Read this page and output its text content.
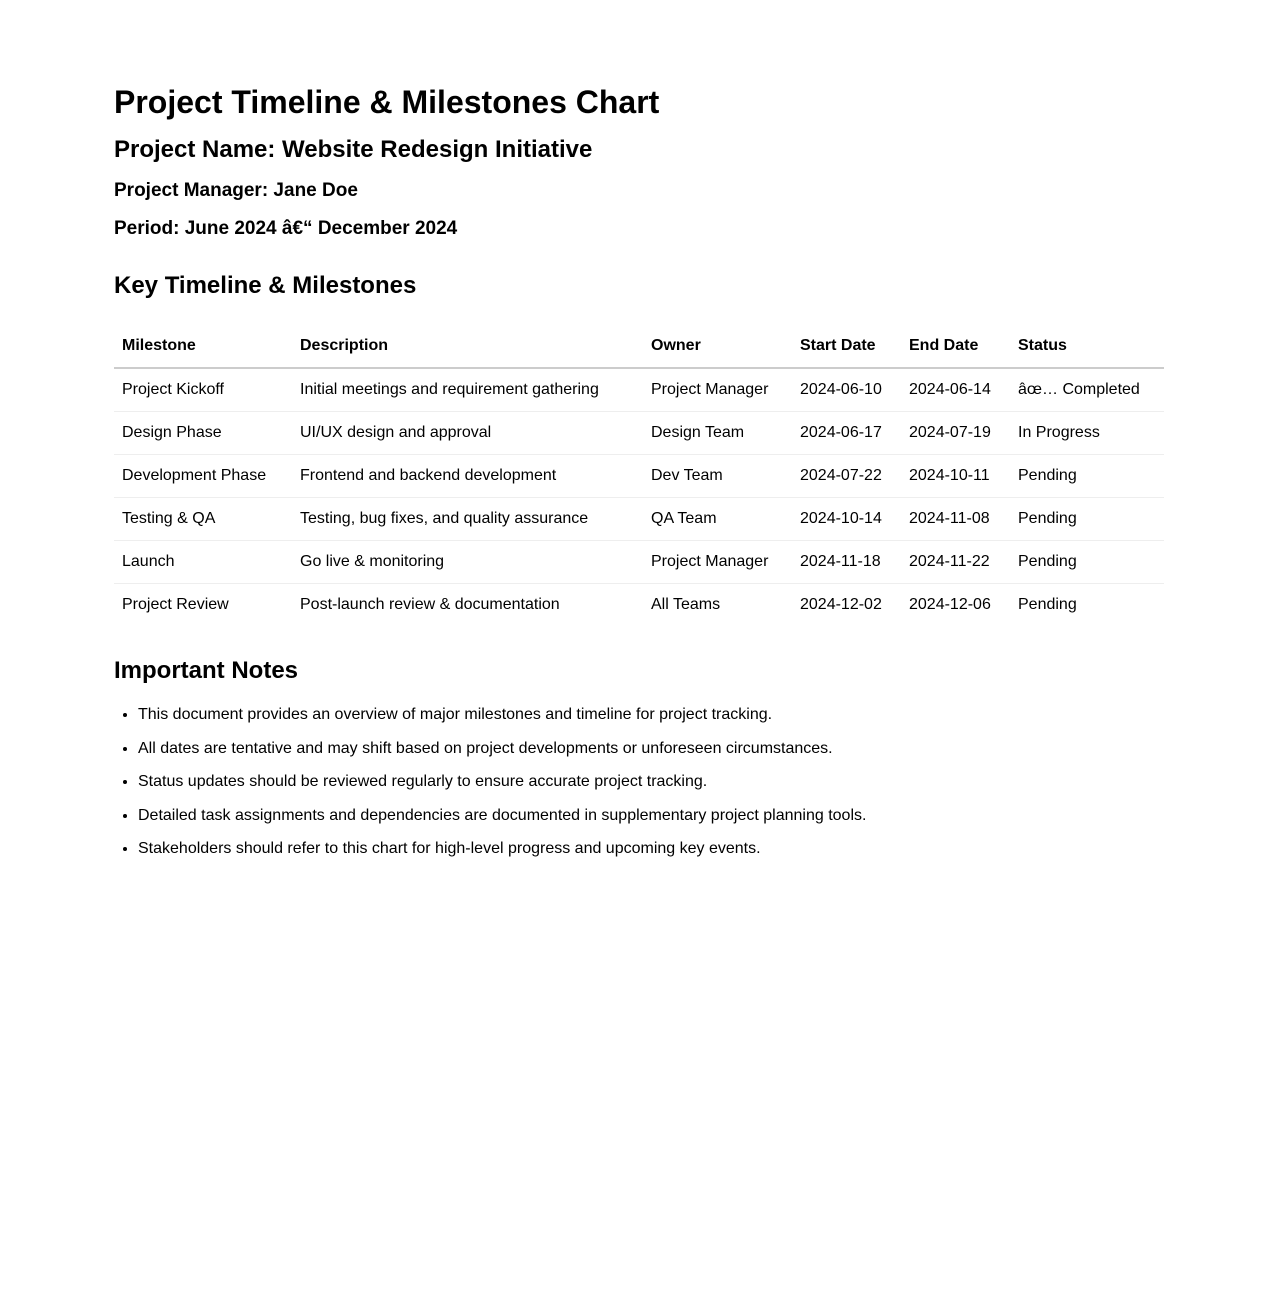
Project Timeline & Milestones Chart
Project Name: Website Redesign Initiative

Project Manager: Jane Doe

Period: June 2024 â€“ December 2024

Key Timeline & Milestones
Milestone	Description	Owner	Start Date	End Date	Status
Project Kickoff	Initial meetings and requirement gathering	Project Manager	2024-06-10	2024-06-14	âœ… Completed
Design Phase	UI/UX design and approval	Design Team	2024-06-17	2024-07-19	In Progress
Development Phase	Frontend and backend development	Dev Team	2024-07-22	2024-10-11	Pending
Testing & QA	Testing, bug fixes, and quality assurance	QA Team	2024-10-14	2024-11-08	Pending
Launch	Go live & monitoring	Project Manager	2024-11-18	2024-11-22	Pending
Project Review	Post-launch review & documentation	All Teams	2024-12-02	2024-12-06	Pending
Important Notes
• This document provides an overview of major milestones and timeline for project tracking.
• All dates are tentative and may shift based on project developments or unforeseen circumstances.
• Status updates should be reviewed regularly to ensure accurate project tracking.
• Detailed task assignments and dependencies are documented in supplementary project planning tools.
• Stakeholders should refer to this chart for high-level progress and upcoming key events.
